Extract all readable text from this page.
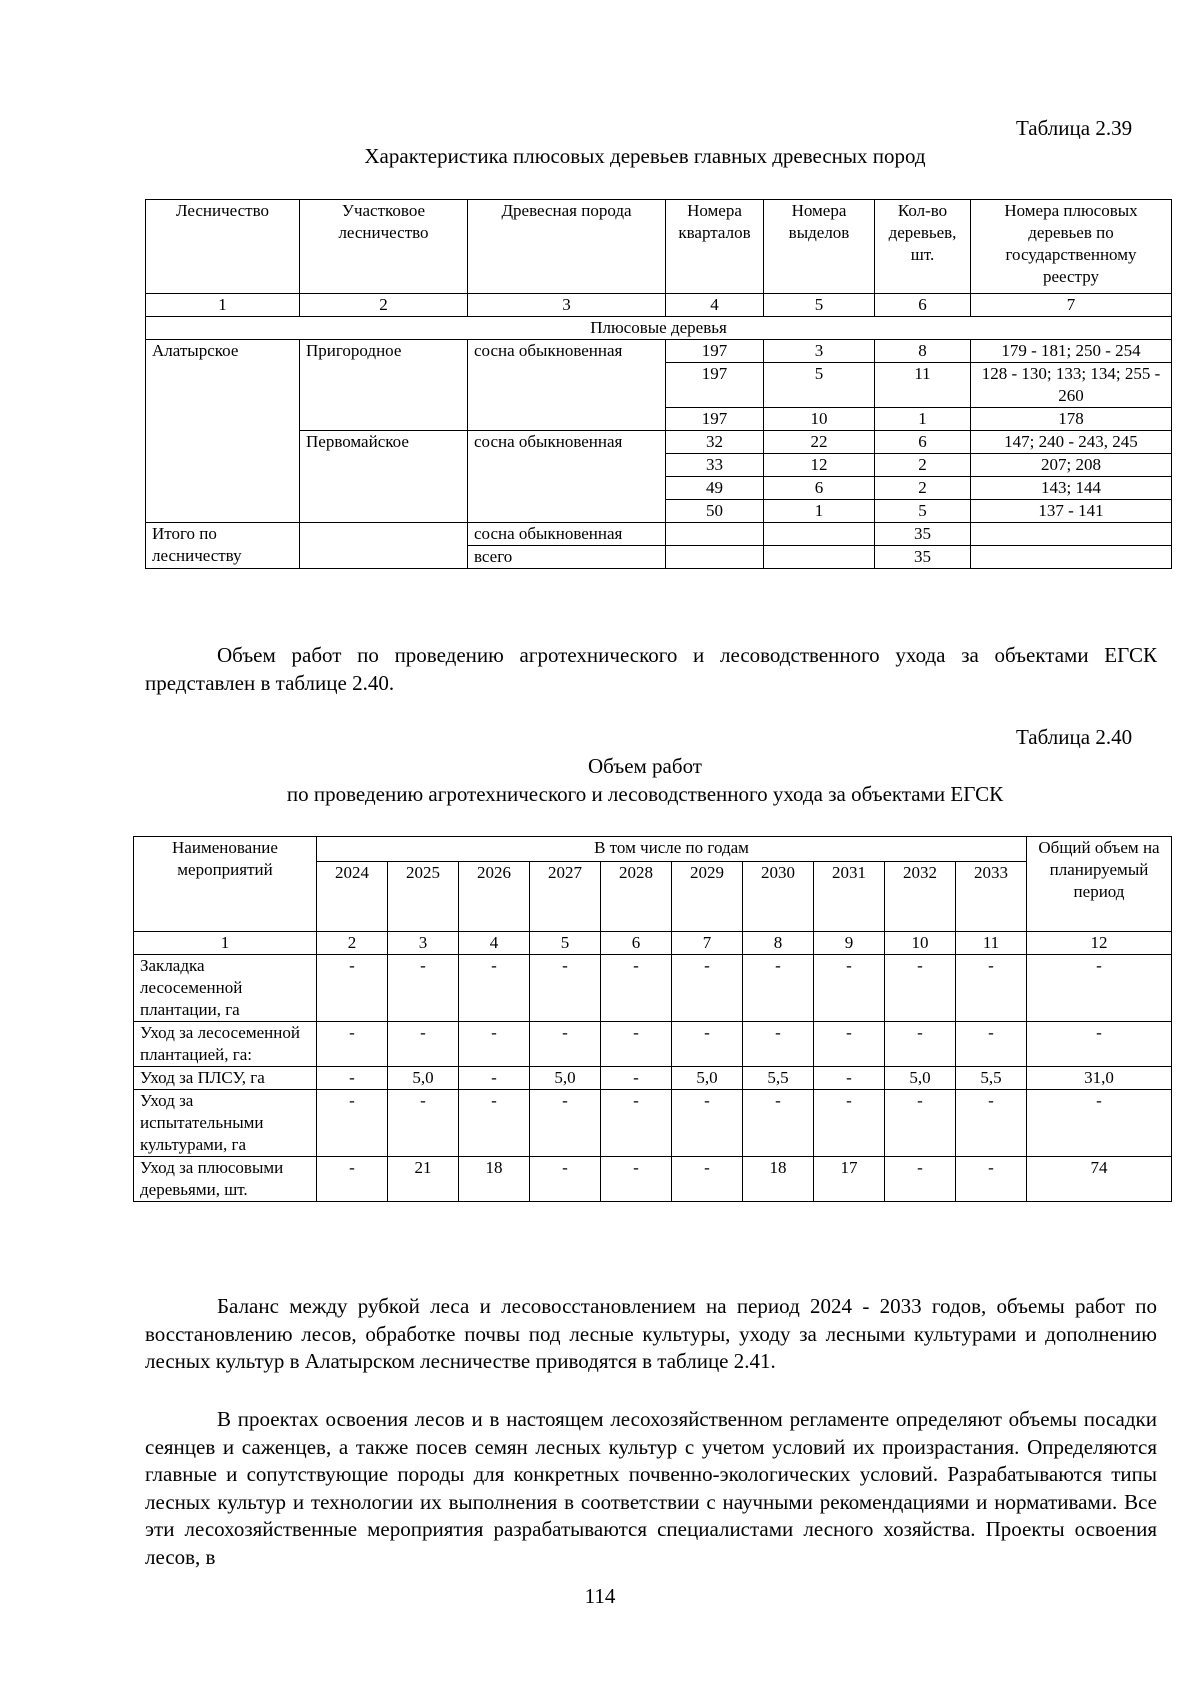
Таблица 2.39
Характеристика плюсовых деревьев главных древесных пород
Лесничество	Участковое лесничество	Древесная порода	Номера кварталов	Номера выделов	Кол-во деревьев, шт.	Номера плюсовых деревьев по государственному реестру
1	2	3	4	5	6	7
Плюсовые деревья						
Алатырское	Пригородное	сосна обыкновенная	197	3	8	179 - 181; 250 - 254
			197	5	11	128 - 130; 133; 134; 255 - 260
			197	10	1	178
	Первомайское	сосна обыкновенная	32	22	6	147; 240 - 243, 245
			33	12	2	207; 208
			49	6	2	143; 144
			50	1	5	137 - 141
Итого по лесничеству		сосна обыкновенная			35	
		всего			35	
Объем работ по проведению агротехнического и лесоводственного ухода за объектами ЕГСК представлен в таблице 2.40.
Таблица 2.40
Объем работ
по проведению агротехнического и лесоводственного ухода за объектами ЕГСК
Наименование мероприятий	В том числе по годам										Общий объем на планируемый период
	2024	2025	2026	2027	2028	2029	2030	2031	2032	2033	
1	2	3	4	5	6	7	8	9	10	11	12
Закладка лесосеменной плантации, га	-	-	-	-	-	-	-	-	-	-	-
Уход за лесосеменной плантацией, га:	-	-	-	-	-	-	-	-	-	-	-
Уход за ПЛСУ, га	-	5,0	-	5,0	-	5,0	5,5	-	5,0	5,5	31,0
Уход за испытательными культурами, га	-	-	-	-	-	-	-	-	-	-	-
Уход за плюсовыми деревьями, шт.	-	21	18	-	-	-	18	17	-	-	74
Баланс между рубкой леса и лесовосстановлением на период 2024 - 2033 годов, объемы работ по восстановлению лесов, обработке почвы под лесные культуры, уходу за лесными культурами и дополнению лесных культур в Алатырском лесничестве приводятся в таблице 2.41.
В проектах освоения лесов и в настоящем лесохозяйственном регламенте определяют объемы посадки сеянцев и саженцев, а также посев семян лесных культур с учетом условий их произрастания. Определяются главные и сопутствующие породы для конкретных почвенно-экологических условий. Разрабатываются типы лесных культур и технологии их выполнения в соответствии с научными рекомендациями и нормативами. Все эти лесохозяйственные мероприятия разрабатываются специалистами лесного хозяйства. Проекты освоения лесов, в
114
